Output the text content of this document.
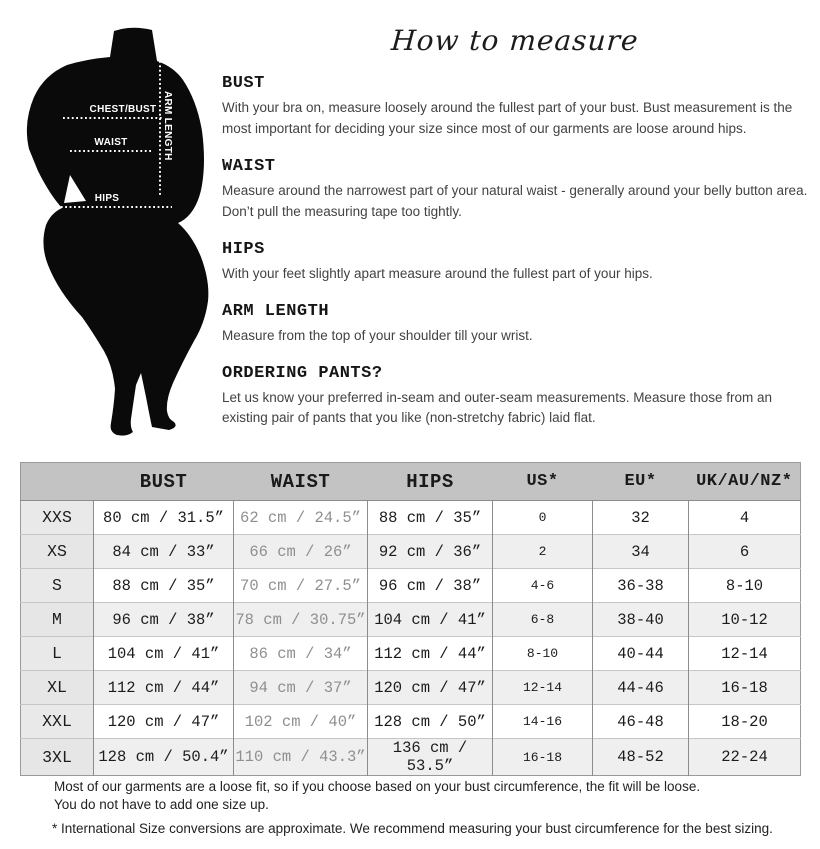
CHEST/BUST
WAIST
HIPS
ARM LENGTH
How to measure
BUST

With your bra on, measure loosely around the fullest part of your bust. Bust measurement is the most important for deciding your size since most of our garments are loose around hips.

WAIST

Measure around the narrowest part of your natural waist - generally around your belly button area. Don’t pull the measuring tape too tightly.

HIPS

With your feet slightly apart measure around the fullest part of your hips.

ARM LENGTH

Measure from the top of your shoulder till your wrist.

ORDERING PANTS?

Let us know your preferred in-seam and outer-seam measurements. Measure those from an existing pair of pants that you like (non-stretchy fabric) laid flat.

	BUST	WAIST	HIPS	US*	EU*	UK/AU/NZ*
XXS	80 cm / 31.5”	62 cm / 24.5”	88 cm / 35”	0	32	4
XS	84 cm / 33”	66 cm / 26”	92 cm / 36”	2	34	6
S	88 cm / 35”	70 cm / 27.5”	96 cm / 38”	4-6	36-38	8-10
M	96 cm / 38”	78 cm / 30.75”	104 cm / 41”	6-8	38-40	10-12
L	104 cm / 41”	86 cm / 34”	112 cm / 44”	8-10	40-44	12-14
XL	112 cm / 44”	94 cm / 37”	120 cm / 47”	12-14	44-46	16-18
XXL	120 cm / 47”	102 cm / 40”	128 cm / 50”	14-16	46-48	18-20
3XL	128 cm / 50.4”	110 cm / 43.3”	136 cm / 53.5”	16-18	48-52	22-24
Most of our garments are a loose fit, so if you choose based on your bust circumference, the fit will be loose.
You do not have to add one size up.
* International Size conversions are approximate. We recommend measuring your bust circumference for the best sizing.
